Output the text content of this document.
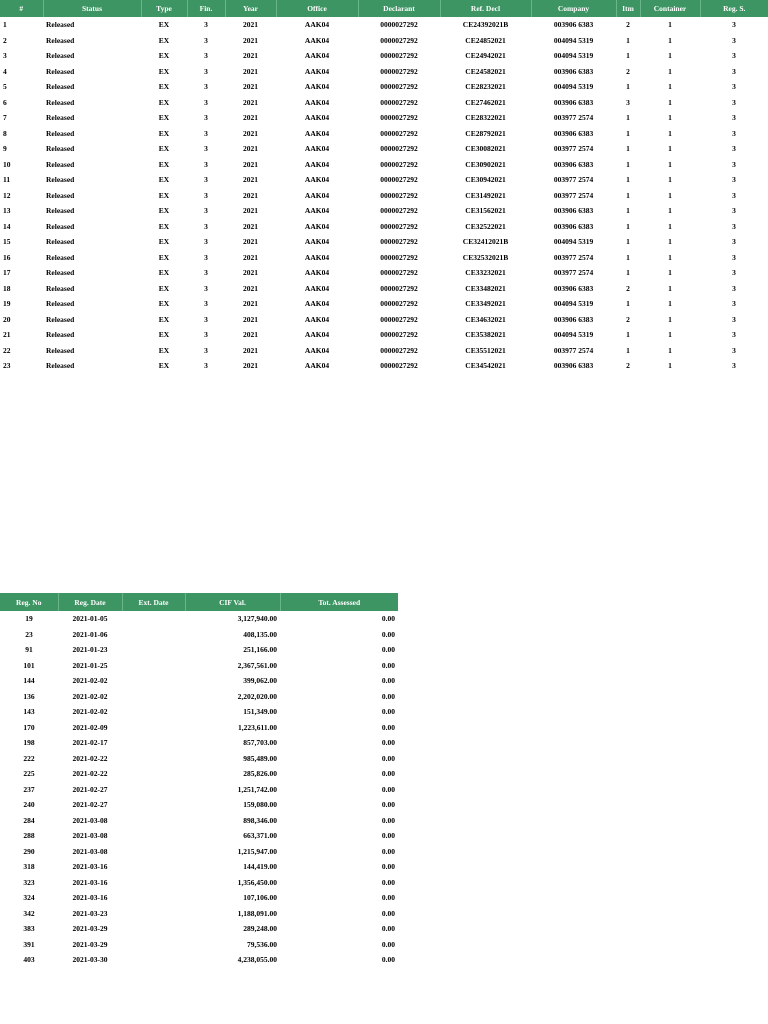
#	Status	Type	Fin.	Year	Office	Declarant	Ref. Decl	Company	Itm	Container	Reg. S.
1	Released	EX	3	2021	AAK04	0000027292	CE24392021B	003906 6383	2	1	3
2	Released	EX	3	2021	AAK04	0000027292	CE24852021	004094 5319	1	1	3
3	Released	EX	3	2021	AAK04	0000027292	CE24942021	004094 5319	1	1	3
4	Released	EX	3	2021	AAK04	0000027292	CE24582021	003906 6383	2	1	3
5	Released	EX	3	2021	AAK04	0000027292	CE28232021	004094 5319	1	1	3
6	Released	EX	3	2021	AAK04	0000027292	CE27462021	003906 6383	3	1	3
7	Released	EX	3	2021	AAK04	0000027292	CE28322021	003977 2574	1	1	3
8	Released	EX	3	2021	AAK04	0000027292	CE28792021	003906 6383	1	1	3
9	Released	EX	3	2021	AAK04	0000027292	CE30082021	003977 2574	1	1	3
10	Released	EX	3	2021	AAK04	0000027292	CE30902021	003906 6383	1	1	3
11	Released	EX	3	2021	AAK04	0000027292	CE30942021	003977 2574	1	1	3
12	Released	EX	3	2021	AAK04	0000027292	CE31492021	003977 2574	1	1	3
13	Released	EX	3	2021	AAK04	0000027292	CE31562021	003906 6383	1	1	3
14	Released	EX	3	2021	AAK04	0000027292	CE32522021	003906 6383	1	1	3
15	Released	EX	3	2021	AAK04	0000027292	CE32412021B	004094 5319	1	1	3
16	Released	EX	3	2021	AAK04	0000027292	CE32532021B	003977 2574	1	1	3
17	Released	EX	3	2021	AAK04	0000027292	CE33232021	003977 2574	1	1	3
18	Released	EX	3	2021	AAK04	0000027292	CE33482021	003906 6383	2	1	3
19	Released	EX	3	2021	AAK04	0000027292	CE33492021	004094 5319	1	1	3
20	Released	EX	3	2021	AAK04	0000027292	CE34632021	003906 6383	2	1	3
21	Released	EX	3	2021	AAK04	0000027292	CE35382021	004094 5319	1	1	3
22	Released	EX	3	2021	AAK04	0000027292	CE35512021	003977 2574	1	1	3
23	Released	EX	3	2021	AAK04	0000027292	CE34542021	003906 6383	2	1	3
Reg. No	Reg. Date	Ext. Date	CIF Val.	Tot. Assessed
19	2021-01-05		3,127,940.00	0.00
23	2021-01-06		408,135.00	0.00
91	2021-01-23		251,166.00	0.00
101	2021-01-25		2,367,561.00	0.00
144	2021-02-02		399,062.00	0.00
136	2021-02-02		2,202,020.00	0.00
143	2021-02-02		151,349.00	0.00
170	2021-02-09		1,223,611.00	0.00
198	2021-02-17		857,703.00	0.00
222	2021-02-22		985,489.00	0.00
225	2021-02-22		285,826.00	0.00
237	2021-02-27		1,251,742.00	0.00
240	2021-02-27		159,080.00	0.00
284	2021-03-08		898,346.00	0.00
288	2021-03-08		663,371.00	0.00
290	2021-03-08		1,215,947.00	0.00
318	2021-03-16		144,419.00	0.00
323	2021-03-16		1,356,450.00	0.00
324	2021-03-16		107,106.00	0.00
342	2021-03-23		1,188,091.00	0.00
383	2021-03-29		289,248.00	0.00
391	2021-03-29		79,536.00	0.00
403	2021-03-30		4,238,055.00	0.00
